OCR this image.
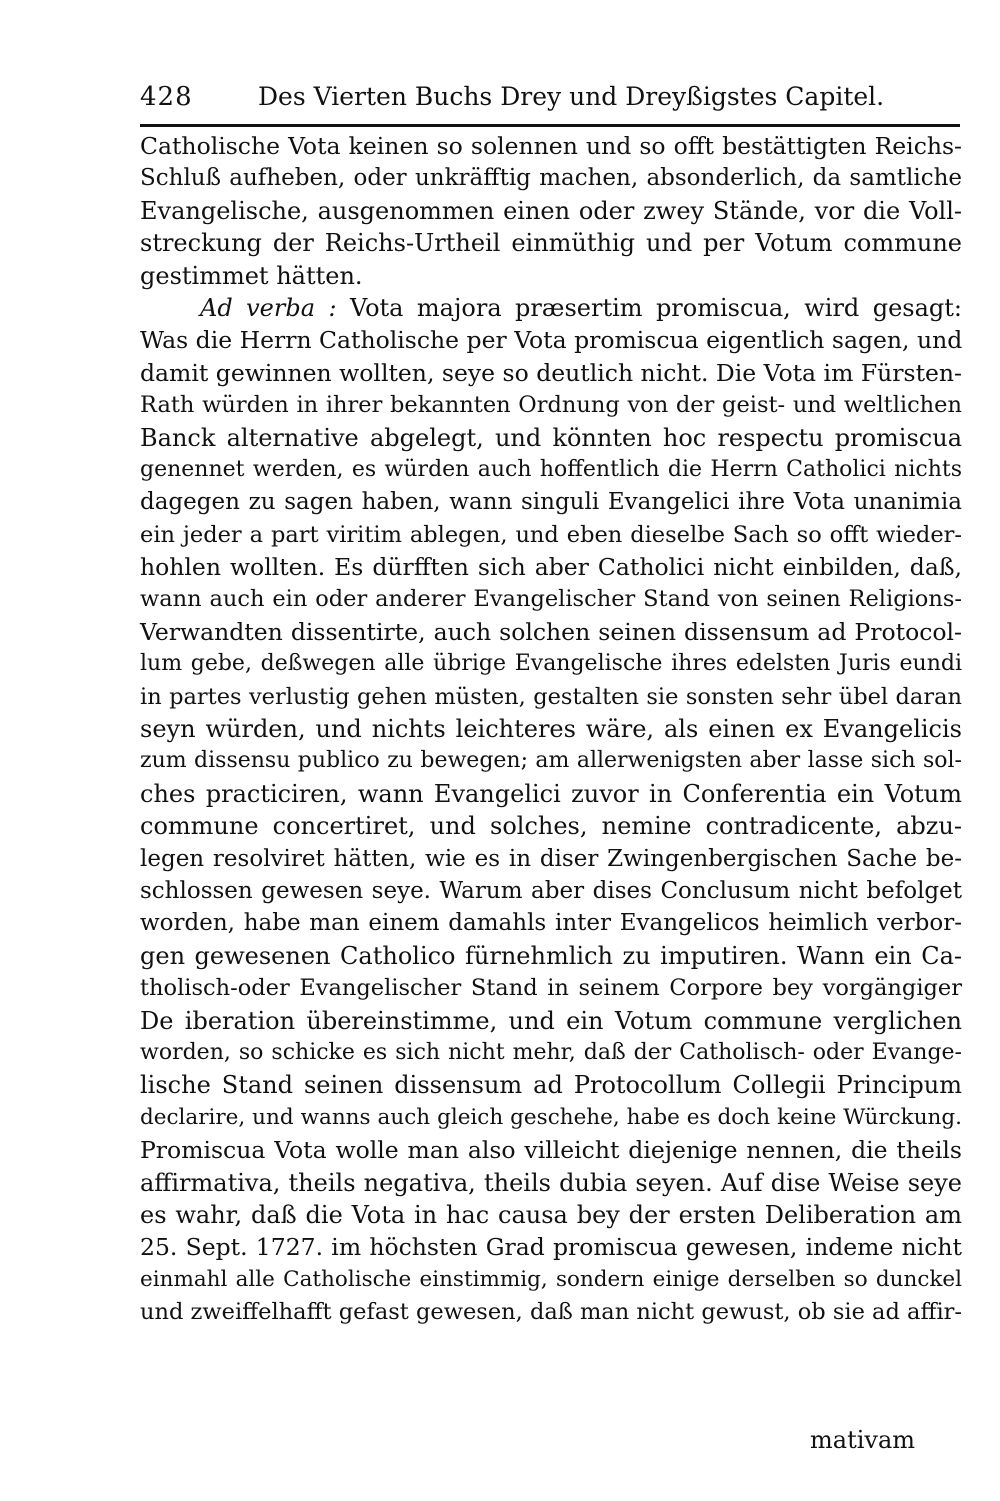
428	Des Vierten Buchs Drey und Dreyßigstes Capitel.
Catholische Vota keinen so solennen und so offt bestättigten Reichs-
Schluß aufheben, oder unkräfftig machen, absonderlich, da samtliche
Evangelische, ausgenommen einen oder zwey Stände, vor die Voll-
streckung der Reichs-Urtheil einmüthig und per Votum commune
gestimmet hätten.
Ad verba : Vota majora præsertim promiscua, wird gesagt:
Was die Herrn Catholische per Vota promiscua eigentlich sagen, und
damit gewinnen wollten, seye so deutlich nicht. Die Vota im Fürsten-
Rath würden in ihrer bekannten Ordnung von der geist- und weltlichen
Banck alternative abgelegt, und könnten hoc respectu promiscua
genennet werden, es würden auch hoffentlich die Herrn Catholici nichts
dagegen zu sagen haben, wann singuli Evangelici ihre Vota unanimia
ein jeder a part viritim ablegen, und eben dieselbe Sach so offt wieder-
hohlen wollten. Es dürfften sich aber Catholici nicht einbilden, daß,
wann auch ein oder anderer Evangelischer Stand von seinen Religions-
Verwandten dissentirte, auch solchen seinen dissensum ad Protocol-
lum gebe, deßwegen alle übrige Evangelische ihres edelsten Juris eundi
in partes verlustig gehen müsten, gestalten sie sonsten sehr übel daran
seyn würden, und nichts leichteres wäre, als einen ex Evangelicis
zum dissensu publico zu bewegen; am allerwenigsten aber lasse sich sol-
ches practiciren, wann Evangelici zuvor in Conferentia ein Votum
commune concertiret, und solches, nemine contradicente, abzu-
legen resolviret hätten, wie es in diser Zwingenbergischen Sache be-
schlossen gewesen seye. Warum aber dises Conclusum nicht befolget
worden, habe man einem damahls inter Evangelicos heimlich verbor-
gen gewesenen Catholico fürnehmlich zu imputiren. Wann ein Ca-
tholisch-oder Evangelischer Stand in seinem Corpore bey vorgängiger
De iberation übereinstimme, und ein Votum commune verglichen
worden, so schicke es sich nicht mehr, daß der Catholisch- oder Evange-
lische Stand seinen dissensum ad Protocollum Collegii Principum
declarire, und wanns auch gleich geschehe, habe es doch keine Würckung.
Promiscua Vota wolle man also villeicht diejenige nennen, die theils
affirmativa, theils negativa, theils dubia seyen. Auf dise Weise seye
es wahr, daß die Vota in hac causa bey der ersten Deliberation am
25. Sept. 1727. im höchsten Grad promiscua gewesen, indeme nicht
einmahl alle Catholische einstimmig, sondern einige derselben so dunckel
und zweiffelhafft gefast gewesen, daß man nicht gewust, ob sie ad affir-
mativam
